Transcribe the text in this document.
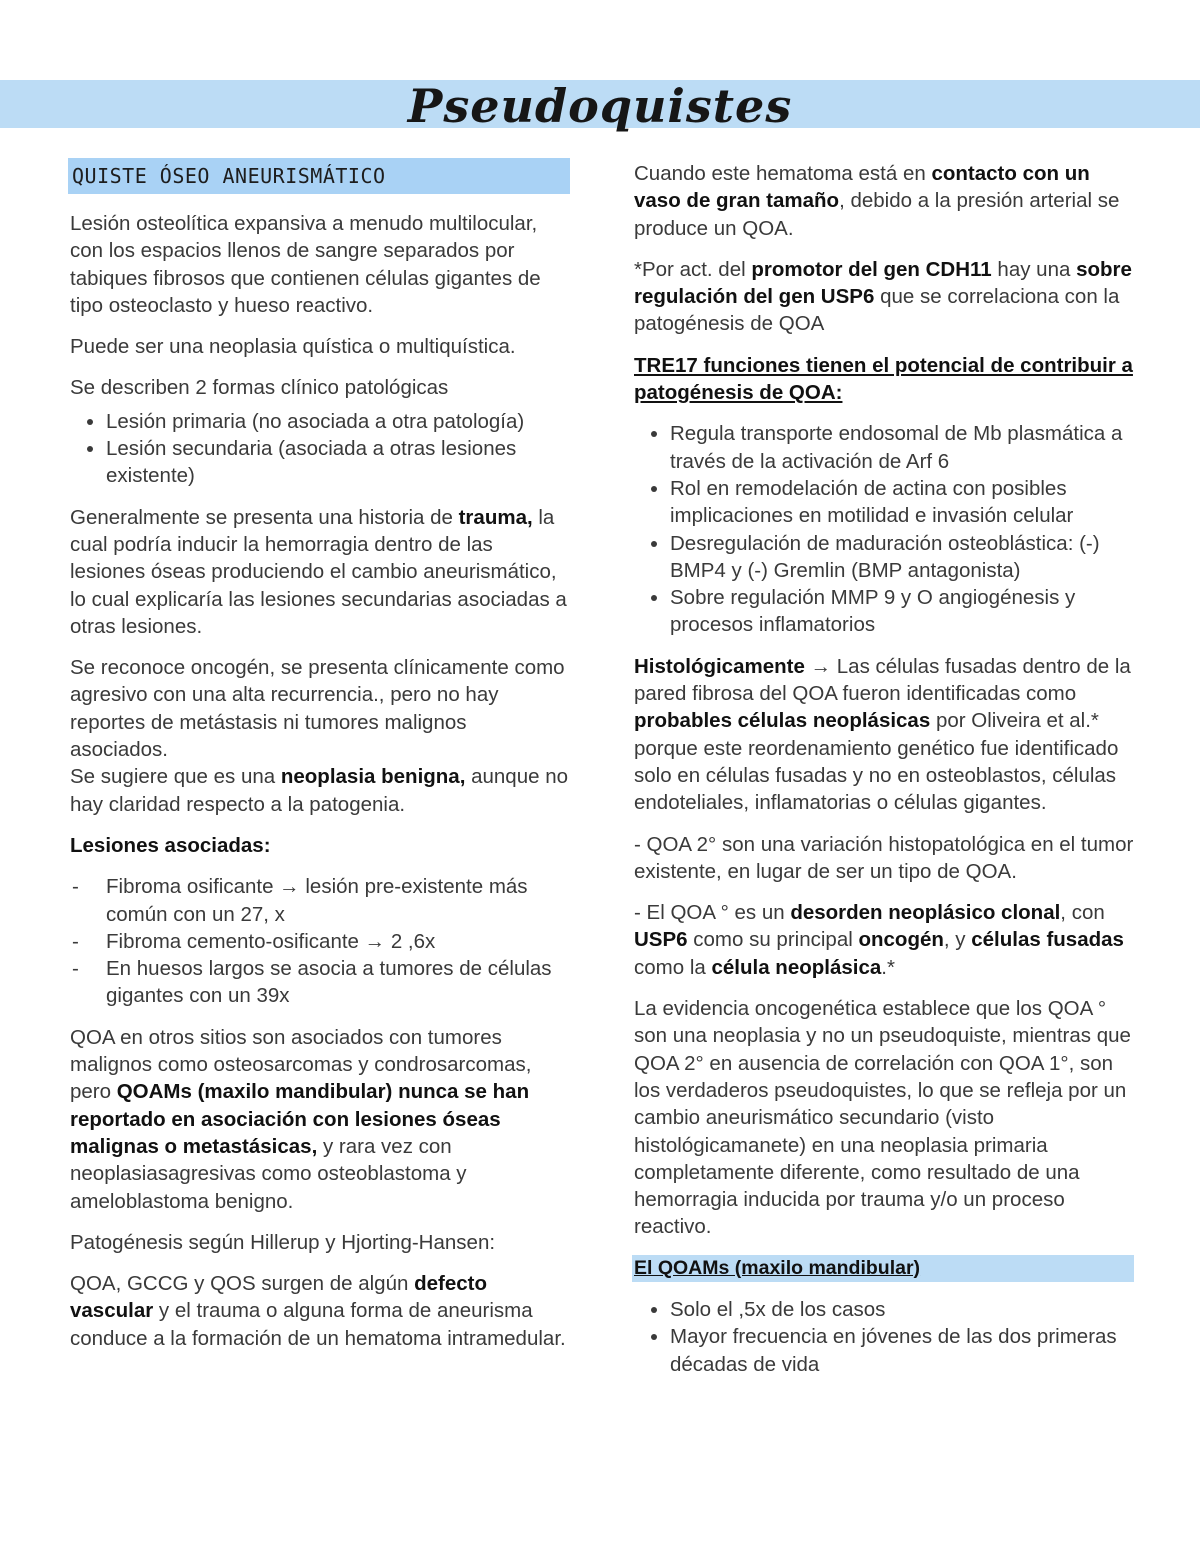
Pseudoquistes
QUISTE ÓSEO ANEURISMÁTICO

Lesión osteolítica expansiva a menudo multilocular, con los espacios llenos de sangre separados por tabiques fibrosos que contienen células gigantes de tipo osteoclasto y hueso reactivo.

Puede ser una neoplasia quística o multiquística.

Se describen 2 formas clínico patológicas

• Lesión primaria (no asociada a otra patología)
• Lesión secundaria (asociada a otras lesiones existente)

Generalmente se presenta una historia de trauma, la cual podría inducir la hemorragia dentro de las lesiones óseas produciendo el cambio aneurismático, lo cual explicaría las lesiones secundarias asociadas a otras lesiones.

Se reconoce oncogén, se presenta clínicamente como agresivo con una alta recurrencia., pero no hay reportes de metástasis ni tumores malignos asociados.

Se sugiere que es una neoplasia benigna, aunque no hay claridad respecto a la patogenia.

Lesiones asociadas:

- Fibroma osificante → lesión pre-existente más común con un 27, x
- Fibroma cemento-osificante → 2 ,6x
- En huesos largos se asocia a tumores de células gigantes con un 39x

QOA en otros sitios son asociados con tumores malignos como osteosarcomas y condrosarcomas, pero QOAMs (maxilo mandibular) nunca se han reportado en asociación con lesiones óseas malignas o metastásicas, y rara vez con neoplasiasagresivas como osteoblastoma y ameloblastoma benigno.

Patogénesis según Hillerup y Hjorting-Hansen:

QOA, GCCG y QOS surgen de algún defecto vascular y el trauma o alguna forma de aneurisma conduce a la formación de un hematoma intramedular.

Cuando este hematoma está en contacto con un vaso de gran tamaño, debido a la presión arterial se produce un QOA.

*Por act. del promotor del gen CDH11 hay una sobre regulación del gen USP6 que se correlaciona con la patogénesis de QOA

TRE17 funciones tienen el potencial de contribuir a patogénesis de QOA:

• Regula transporte endosomal de Mb plasmática a través de la activación de Arf 6
• Rol en remodelación de actina con posibles implicaciones en motilidad e invasión celular
• Desregulación de maduración osteoblástica: (-) BMP4 y (-) Gremlin (BMP antagonista)
• Sobre regulación MMP 9 y O angiogénesis y procesos inflamatorios

Histológicamente → Las células fusadas dentro de la pared fibrosa del QOA fueron identificadas como probables células neoplásicas por Oliveira et al.* porque este reordenamiento genético fue identificado solo en células fusadas y no en osteoblastos, células endoteliales, inflamatorias o células gigantes.

- QOA 2° son una variación histopatológica en el tumor existente, en lugar de ser un tipo de QOA.

- El QOA ° es un desorden neoplásico clonal, con USP6 como su principal oncogén, y células fusadas como la célula neoplásica.*

La evidencia oncogenética establece que los QOA ° son una neoplasia y no un pseudoquiste, mientras que QOA 2° en ausencia de correlación con QOA 1°, son los verdaderos pseudoquistes, lo que se refleja por un cambio aneurismático secundario (visto histológicamanete) en una neoplasia primaria completamente diferente, como resultado de una hemorragia inducida por trauma y/o un proceso reactivo.

El QOAMs (maxilo mandibular)
• Solo el ,5x de los casos
• Mayor frecuencia en jóvenes de las dos primeras décadas de vida
